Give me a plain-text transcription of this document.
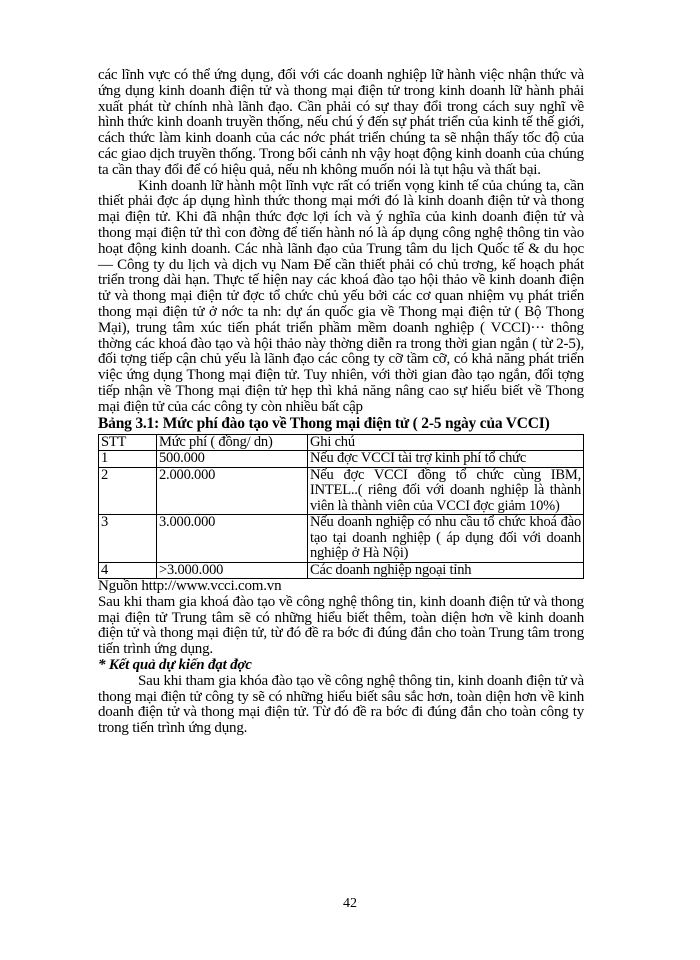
các lĩnh vực có thể ứng dụng, đối với các doanh nghiệp lữ hành việc nhận thức và ứng dụng kinh doanh điện tử và thong mại điện tử trong kinh doanh lữ hành phải xuất phát từ chính nhà lãnh đạo. Cần phải có sự thay đổi trong cách suy nghĩ về hình thức kinh doanh truyền thống, nếu chú ý đến sự phát triển của kinh tế thế giới, cách thức làm kinh doanh của các nớc phát triển chúng ta sẽ nhận thấy tốc độ của các giao dịch truyền thống. Trong bối cảnh nh vậy hoạt động kinh doanh của chúng ta cần thay đổi để có hiệu quả, nếu nh không muốn nói là tụt hậu và thất bại.

Kinh doanh lữ hành một lĩnh vực rất có triển vọng kinh tế của chúng ta, cần thiết phải đợc áp dụng hình thức thong mại mới đó là kinh doanh điện tử và thong mại điện tử. Khi đã nhận thức đợc lợi ích và ý nghĩa của kinh doanh điện tử và thong mại điện tử thì con đờng để tiến hành nó là áp dụng công nghệ thông tin vào hoạt động kinh doanh. Các nhà lãnh đạo của Trung tâm du lịch Quốc tế & du học — Công ty du lịch và dịch vụ Nam Đế cần thiết phải có chủ trơng, kế hoạch phát triển trong dài hạn. Thực tế hiện nay các khoá đào tạo hội thảo về kinh doanh điện tử và thong mại điện tử đợc tổ chức chủ yếu bởi các cơ quan nhiệm vụ phát triển thong mại điện tử ở nớc ta nh: dự án quốc gia về Thong mại điện tử ( Bộ Thong Mại), trung tâm xúc tiến phát triển phầm mềm doanh nghiệp ( VCCI)··· thông thờng các khoá đào tạo và hội thảo này thờng diễn ra trong thời gian ngắn ( từ 2-5), đối tợng tiếp cận chủ yếu là lãnh đạo các công ty cỡ tầm cỡ, có khả năng phát triển việc ứng dụng Thong mại điện tử. Tuy nhiên, với thời gian đào tạo ngắn, đối tợng tiếp nhận về Thong mại điện tử hẹp thì khả năng nâng cao sự hiểu biết về Thong mại điện tử của các công ty còn nhiều bất cập

Bảng 3.1: Mức phí đào tạo về Thong mại điện tử ( 2-5 ngày của VCCI)

STT	Mức phí ( đồng/ dn)	Ghi chú
1	500.000	Nếu đợc VCCI tài trợ kinh phí tổ chức
2	2.000.000	Nếu đợc VCCI đồng tổ chức cùng IBM, INTEL..( riêng đối với doanh nghiệp là thành viên là thành viên của VCCI đợc giảm 10%)
3	3.000.000	Nếu doanh nghiệp có nhu cầu tổ chức khoá đào tạo tại doanh nghiệp ( áp dụng đối với doanh nghiệp ở Hà Nội)
4	>3.000.000	Các doanh nghiệp ngoại tỉnh

Nguồn http://www.vcci.com.vn

Sau khi tham gia khoá đào tạo về công nghệ thông tin, kinh doanh điện tử và thong mại điện tử Trung tâm sẽ có những hiểu biết thêm, toàn diện hơn về kinh doanh điện tử và thong mại điện tử, từ đó đề ra bớc đi đúng đắn cho toàn Trung tâm trong tiến trình ứng dụng.

* Kết quả dự kiến đạt đợc

Sau khi tham gia khóa đào tạo về công nghệ thông tin, kinh doanh điện tử và thong mại điện tử công ty sẽ có những hiểu biết sâu sắc hơn, toàn diện hơn về kinh doanh điện tử và thong mại điện tử. Từ đó đề ra bớc đi đúng đắn cho toàn công ty trong tiến trình ứng dụng.

42
